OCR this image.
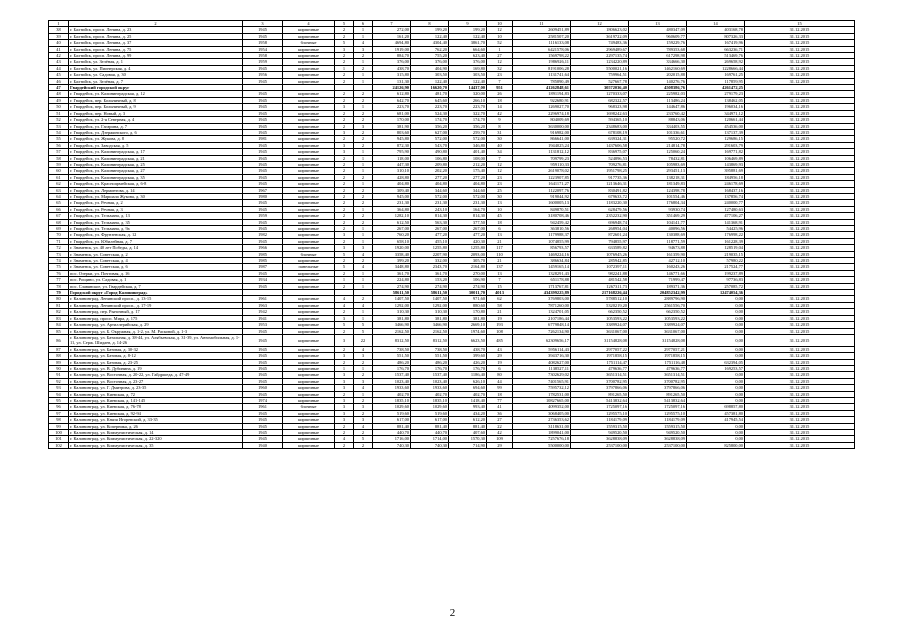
1	2	3	4	5	6	7	8	9	10	11	12	13	14	15
38	г. Балтийск, просп. Ленина, д. 23	1945	кирпичные	2	1	272,00	199,20	199,20	12	2609451,89	1806623,02	480347,09	403168,78	31.12.2015
39	г. Балтийск, просп. Ленина, д. 25	1945	кирпичные	2	1	161,20	122,40	122,40	10	2581507,20	3619722,09	960609,77	807326,33	31.12.2015
40	г. Балтийск, просп. Ленина, д. 37	1958	блочные	5	4	4694,80	4304,40	3861,70	52	1116133,08	749483,36	159229,76	167419,96	31.12.2015
41	г. Балтийск, просп. Ленина, д. 75	1954	кирпичные	3	3	1919,00	762,20	664,60	1	6421578,06	2969489,67	789353,68	663236,71	31.12.2015
42	г. Балтийск, просп. Ленина, д. 99	1958	кирпичные	2	2	884,70	755,20	623,40	27	1569798,22	2297135,74	617298,98	513469,76	31.12.2015
43	г. Балтийск, ул. Зелёная, д. 1	1959	кирпичные	2	1	376,00	376,00	376,00	12	1986926,11	1234220,89	334666,30	269658,92	31.12.2015
44	г. Балтийск, ул. Пионерская, д. 4	1945	кирпичные	1	2	438,70	404,90	169,80	32	8191006,28	5500021,16	1462160,69	1228666,44	31.12.2015
45	г. Балтийск, ул. Садовая, д. 30	1956	кирпичные	2	1	315,80	303,50	303,50	23	1131741,64	759964,51	202015,88	169761,25	31.12.2015
46	г. Балтийск, ул. Зелёная, д. 7	1945	кирпичные	2	1	131,30	122,40	122,40	7	785890,49	527667,78	140276,76	117859,95	31.12.2015
47	Гвардейский городской округ					24126,90	16620,70	14437,00	951	41262848,61	30572036,40	4508386,76	4261472,25	
48	г. Гвардейск, ул. Калининградская, д. 12	1945	кирпичные	2	2	612,80	481,70	320,00	26	1891194,83	1270333,07	225982,03	279179,23	31.12.2015
49	г. Гвардейск, пер. Больничный, д. 8	1945	кирпичные	2	2	642,70	645,60	266,10	18	922680,91	682322,57	113486,24	138462,05	31.12.2015
50	г. Гвардейск, пер. Больничный, д. 9	1945	кирпичные	3	1	223,70	223,70	223,70	14	1269027,70	968323,98	144647,86	196034,16	31.12.2015
51	г. Гвардейск, пер. Новый, д. 3	1945	кирпичные	2	2	681,00	524,30	322,70	42	2296974,18	1698242,63	233760,42	344971,12	31.12.2015
52	г. Гвардейск, ул. 2-я Северная, д. 4	1945	кирпичные	2	2	170,00	174,70	174,70	9	804009,69	594365,10	88843,06	120661,44	31.12.2015
53	г. Гвардейск, ул. Гагарина, д. 7	1945	кирпичные	2	3	381,90	356,20	356,20	8	3630000,00	2348683,00	334403,55	454536,00	31.12.2015
54	г. Гвардейск, ул. Дзержинского, д. 6	1945	кирпичные	3	2	803,60	627,00	259,70	31	916982,00	678108,19	101336,61	137137,39	31.12.2015
55	г. Гвардейск, ул. Жукова, д. 8	1981	кирпичные	2	2	945,80	572,00	572,00	30	866641,00	639324,31	95520,72	129686,15	31.12.2015
56	г. Гвардейск, ул. Заводская, д. 5	1945	кирпичные	3	2	872,30	543,70	346,80	40	1944025,24	1437606,58	214814,78	291603,79	31.12.2015
57	г. Гвардейск, ул. Калининградская, д. 17	1945	кирпичные	3	1	795,90	490,80	401,40	34	1131812,12	836975,07	125060,24	169771,82	31.12.2015
58	г. Гвардейск, ул. Калининградская, д. 21	1945	кирпичные	2	1	118,00	106,80	108,00	7	709799,23	524896,53	78432,81	106469,89	31.12.2015
59	г. Гвардейск, ул. Калининградская, д. 25	1945	кирпичные	2	1	447,30	209,80	212,20	12	959110,33	709276,81	105983,69	143869,93	31.12.2015
60	г. Гвардейск, ул. Калининградская, д. 27	1945	кирпичные	2	1	310,10	202,20	175,40	12	2619078,02	1951798,25	293451,13	395881,69	31.12.2015
61	г. Гвардейск, ул. Калининградская, д. 35	1945	кирпичные	2	2	428,80	277,20	277,20	23	1223907,85	917735,36	138218,31	184956,18	31.12.2015
62	г. Гвардейск, ул. Красноармейская, д. 6-8	1945	кирпичные	2	1	404,80	404,80	404,80	23	1641171,27	1213646,31	181349,83	246178,69	31.12.2015
63	г. Гвардейск, ул. Лермонтова, д. 14	1967	кирпичные	2	2	309,40	344,60	344,60	25	1122097,76	830491,82	124398,78	168437,16	31.12.2015
64	г. Гвардейск, ул. Маршала Жукова, д. 30	1980	кирпичные	2	2	945,00	572,00	572,00	30	919044,92	679633,72	101554,46	137856,74	31.12.2015
65	г. Гвардейск, ул. Речная, д. 2	1945	кирпичные	2	2	231,30	231,30	231,30	13	1600005,13	1183220,30	176804,34	240000,77	31.12.2015
66	г. Гвардейск, ул. Речная, д. 3	1945	кирпичные	2	1	364,80	243,10	164,70	10	849870,51	628479,56	93930,74	127480,63	31.12.2015
67	г. Гвардейск, ул. Тельмана, д. 13	1959	кирпичные	2	2	1282,10	814,30	814,30	45	3180708,46	2352232,90	351469,29	477106,27	31.12.2015
68	г. Гвардейск, ул. Тельмана, д. 35	1945	кирпичные	2	2	612,50	563,30	377,50	18	942459,42	696948,74	104141,77	141368,91	31.12.2015
69	г. Гвардейск, ул. Тельмана, д. 9а	1945	кирпичные	2	1	267,00	267,00	267,00	6	363810,56	268954,04	40096,56	54425,96	31.12.2015
70	г. Гвардейск, ул. Фрунзенская, д. 12	1982	кирпичные	3	1	760,20	477,20	477,20	13	1179988,37	872601,24	130388,69	176998,22	31.12.2015
71	г. Гвардейск, ул. Юбилейная, д. 7	1945	кирпичные	2	1	658,10	455,10	420,30	21	1074855,99	794855,97	118771,59	161228,39	31.12.2015
72	г. Знаменск, ул. 40 лет Победы, д. 14	1966	кирпичные	3	3	1920,00	1255,80	1255,80	117	856793,57	633589,82	94673,88	128519,04	31.12.2015
73	г. Знаменск, ул. Советская, д. 2	1985	блочные	5	4	3358,40	2207,90	2093,00	110	1469224,16	1076945,26	161359,90	219035,15	31.12.2015
74	г. Знаменск, ул. Советская, д. 4	1985	кирпичные	2	2	399,20	332,00	305,70	21	386634,84	285942,85	42712,10	57980,22	31.12.2015
75	г. Знаменск, ул. Советская, д. 6	1987	панельные	5	4	3448,80	2343,70	2164,80	137	1459165,14	1072397,11	160243,26	217524,77	31.12.2015
76	пос. Озерки, ул. Почтовая, д. 16	1945	кирпичные	2	1	361,70	361,70	270,00	13	1328291,43	982241,88	146771,66	199237,89	31.12.2015
77	пос. Рощино, ул. Садовая, д. 1	1934	кирпичные	1	1	224,80	153,20	106,90	7	651178,88	481542,58	71999,47	97736,83	31.12.2015
78	пос. Славянское, ул. Гвардейская, д. 7	1945	кирпичные	2	1	274,90	274,90	274,90	15	1713767,81	1267311,73	189371,36	257085,72	31.12.2015
79	Городской округ «Город Калининград»					58611,50	58611,50	30011,70	4013	434399225,89	217168226,44	204852342,99	12474054,36	
80	г. Калининград, Ленинский просп., д. 13-15	1961	кирпичные	4	2	1407,50	1407,50	971,60	62	3769803,00	5788512,10	2889796,90	0,00	31.12.2015
81	г. Калининград, Ленинский просп., д. 17-19	1963	кирпичные	4	4	1292,00	1292,00	880,60	58	7871260,00	5320219,20	2561556,70	0,00	31.12.2015
82	г. Калининград, пер. Рыночный, д. 17	1942	кирпичные	2	1	310,30	310,30	170,80	21	1324701,05	662350,52	662350,52	0,00	31.12.2015
83	г. Калининград, просп. Мира, д. 175	1941	кирпичные	3	1	381,80	381,80	381,80	19	2107186,44	1053593,22	1053593,22	0,00	31.12.2015
84	г. Калининград, ул. Артиллерийская, д. 29	1953	кирпичные	5	5	3466,90	3466,90	2669,10	193	6779848,14	3389924,07	3389924,07	0,00	31.12.2015
85	г. Калининград, ул. Б. Окружная, д. 1-2, ул. М. Расковой, д. 1-3	1945	кирпичные	2	5	2162,50	2162,50	1974,60	108	7262134,90	3631067,00	3631067,00	0,00	31.12.2015
86	г. Калининград, ул. Батальная, д. 38-44, ул. Алябьевская, д. 31-39, ул. Автомобильная, д. 1-11, ул. Серж. Шидаев, д. 14-26	1945	кирпичные	3	22	8312,50	8312,50	6623,50	485	62309656,17	31154828,08	31154828,08	0,00	31.12.2015
87	г. Калининград, ул. Батовая, д. 30-32	1945	кирпичные	2	4	738,50	738,50	438,70	43	5956114,43	2977057,22	2977057,21	0,00	31.12.2015
88	г. Калининград, ул. Батовая, д. 8-12	1945	кирпичные	3	3	551,50	551,50	399,60	29	3943716,30	1971858,15	1971858,15	0,00	31.12.2015
89	г. Калининград, ул. Батовая, д. 23-25	1945	кирпичные	2	2	486,20	486,20	426,20	19	4082627,00	1751114,47	1751116,48	632394,05	31.12.2015
90	г. Калининград, ул. В. Дубинина, д. 19	1945	кирпичные	1	1	176,70	176,70	176,70	6	1138527,11	479636,77	479636,77	169253,57	31.12.2015
91	г. Калининград, ул. Восточная, д. 20-22, ул. Гайдршеда, д. 47-49	1945	кирпичные	3	2	1537,40	1537,40	1186,40	80	7302629,02	3651314,51	3651314,51	0,00	31.12.2015
92	г. Калининград, ул. Восточная, д. 23-27	1945	кирпичные	3	3	1023,40	1023,40	626,10	44	7401565,91	3700782,95	3700782,95	0,00	31.12.2015
93	г. Калининград, ул. Г. Дмитрова, д. 23-35	1960	кирпичные	3	4	1933,60	1933,60	694,60	99	7595732,12	3797866,06	3797866,06	0,00	31.12.2015
94	г. Калининград, ул. Киевская, д. 72	1945	кирпичные	2	1	402,70	402,70	402,70	18	1782531,00	891265,50	891265,50	0,00	31.12.2015
95	г. Калининград, ул. Киевская, д. 141-145	1974	кирпичные	3	2	1835,10	1835,10	1418,40	77	10827665,00	5413832,64	5413832,64	0,00	31.12.2015
96	г. Калининград, ул. Киевская, д. 76-78	1961	блочные	3	3	1029,60	1029,60	993,40	41	4099352,00	1725097,16	1725097,16	698857,80	31.12.2015
97	г. Калининград, ул. Киевская, д. 92-94	1945	кирпичные	3	2	519,60	519,60	434,20	36	3068405,00	1295575,10	1295575,10	457381,80	31.12.2015
98	г. Калининград, ул. Князя Игоревский, д. 33-35	1945	кирпичные	3	3	617,00	617,00	612,20	27	2736353,62	1184179,09	1184179,09	417945,54	31.12.2015
99	г. Калининград, ул. Коперника, д. 26	1945	кирпичные	2	4	881,40	881,40	881,40	22	3118631,00	1559315,50	1559315,50	0,00	31.12.2015
100	г. Калининград, ул. Коммунистическая, д. 14	1945	кирпичные	2	2	440,70	440,70	407,60	42	1899041,00	949520,50	949520,50	0,00	31.12.2015
101	г. Калининград, ул. Коммунистическая, д. 22-320	1945	кирпичные	4	5	1716,00	1714,00	1570,30	109	7257676,18	3628838,09	3628838,09	0,00	31.12.2015
102	г. Калининград, ул. Коммунистическая, д. 35	1940	кирпичные	2	2	740,30	740,30	714,90	29	5500000,00	2537100,00	2537100,00	825800,00	31.12.2015
2
